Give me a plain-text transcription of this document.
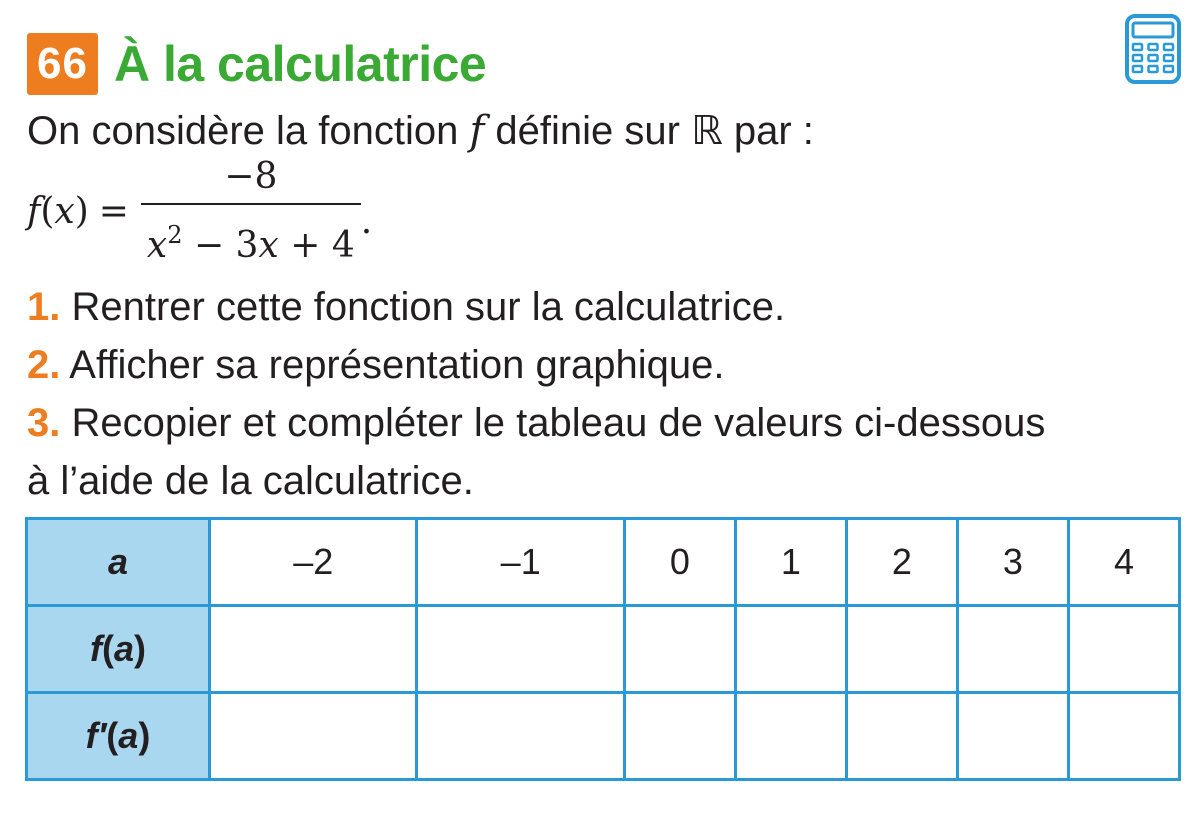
66 À la calculatrice
On considère la fonction f définie sur ℝ par :
$f(x) = \frac{-8}{x^2 - 3x + 4}$ .
1. Rentrer cette fonction sur la calculatrice.
2. Afficher sa représentation graphique.
3. Recopier et compléter le tableau de valeurs ci-dessous
à l’aide de la calculatrice.
a	–2	–1	0	1	2	3	4
f(a)							
f′(a)							
